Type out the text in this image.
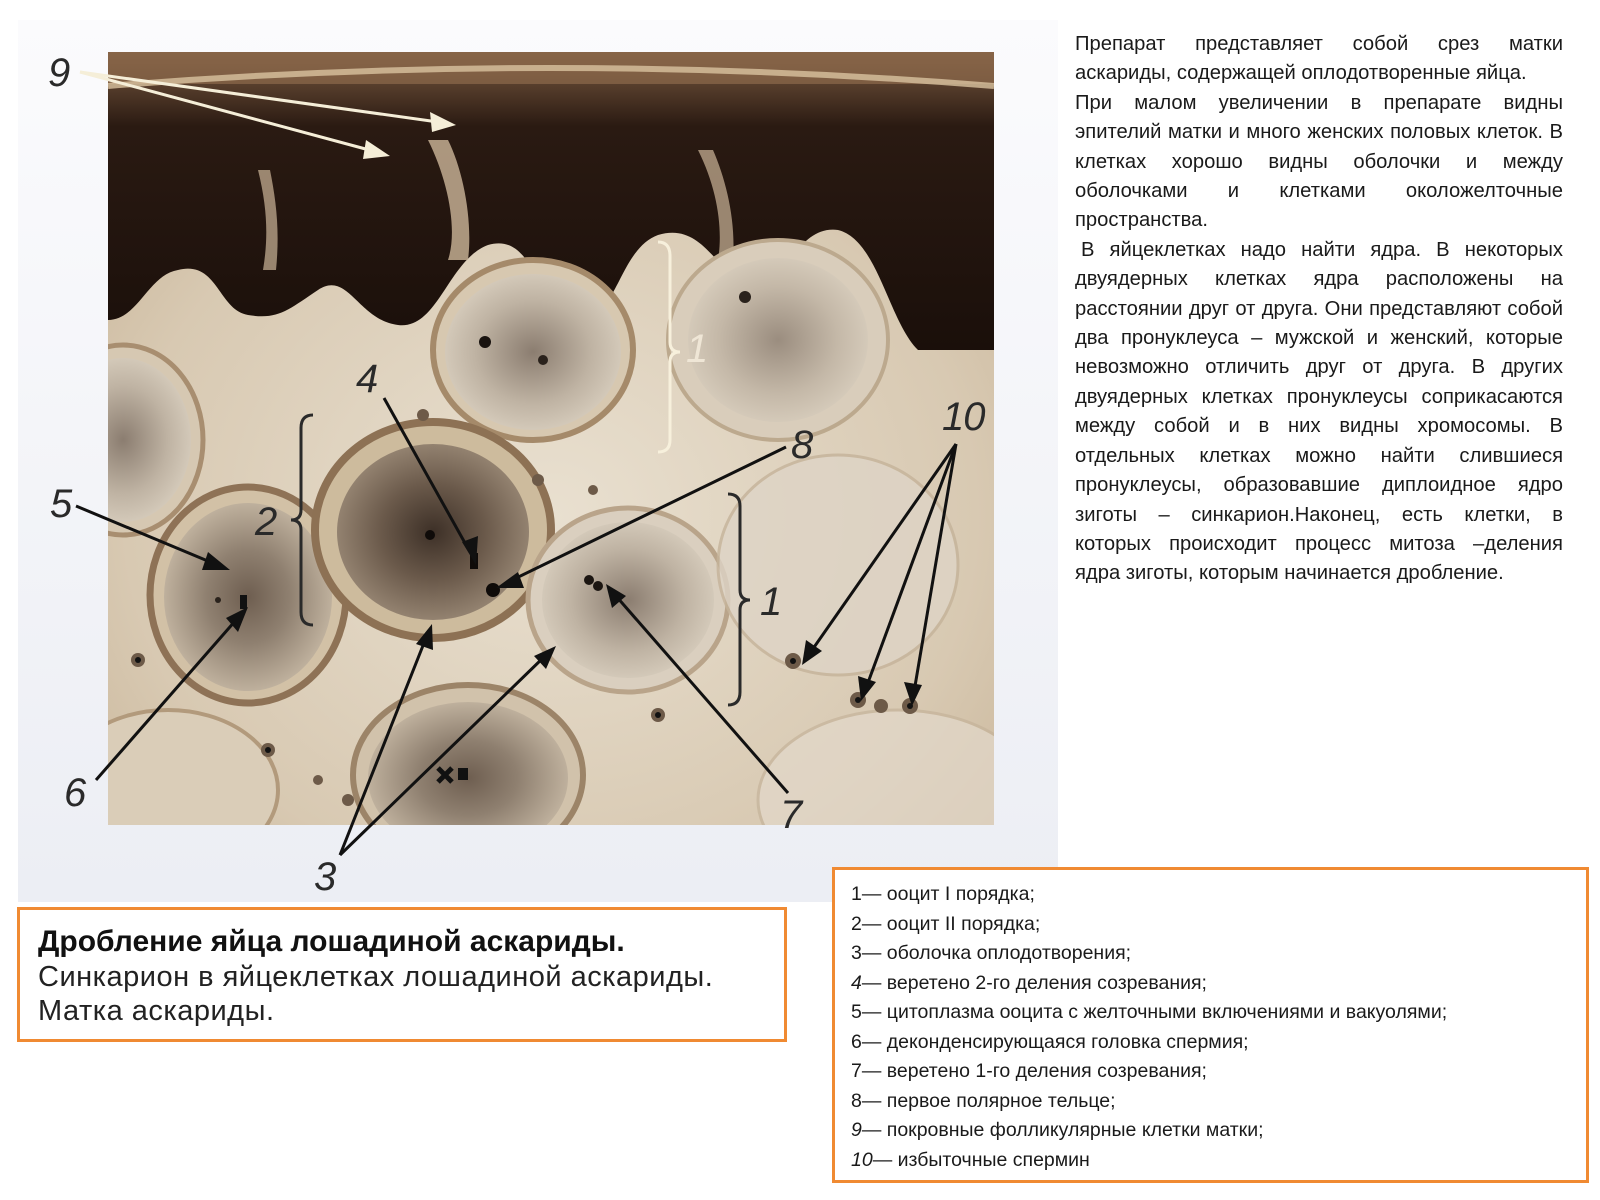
9
4
1
10
8
5	2
1
6	7
3

Препарат представляет собой срез матки аскариды, содержащей оплодотворенные яйца.

При малом увеличении в препарате видны эпителий матки и много женских половых клеток. В клетках хорошо видны оболочки и между оболочками и клетками околожелточные пространства.

В яйцеклетках надо найти ядра. В некоторых двуядерных клетках ядра расположены на расстоянии друг от друга. Они представляют собой два пронуклеуса – мужской и женский, которые невозможно отличить друг от друга. В других двуядерных клетках пронуклеусы соприкасаются между собой и в них видны хромосомы. В отдельных клетках можно найти слившиеся пронуклеусы, образовавшие диплоидное ядро зиготы – синкарион.Наконец, есть клетки, в которых происходит процесс митоза –деления ядра зиготы, которым начинается дробление.

Дробление яйца лошадиной аскариды.
Синкарион в яйцеклетках лошадиной аскариды. Матка аскариды.
1— ооцит I порядка;
2— ооцит II порядка;
3— оболочка оплодотворения;
4— веретено 2-го деления созревания;
5— цитоплазма ооцита с желточными включениями и вакуолями;
6— деконденсирующаяся головка спермия;
7— веретено 1-го деления созревания;
8— первое полярное тельце;
9— покровные фолликулярные клетки матки;
10— избыточные спермин
